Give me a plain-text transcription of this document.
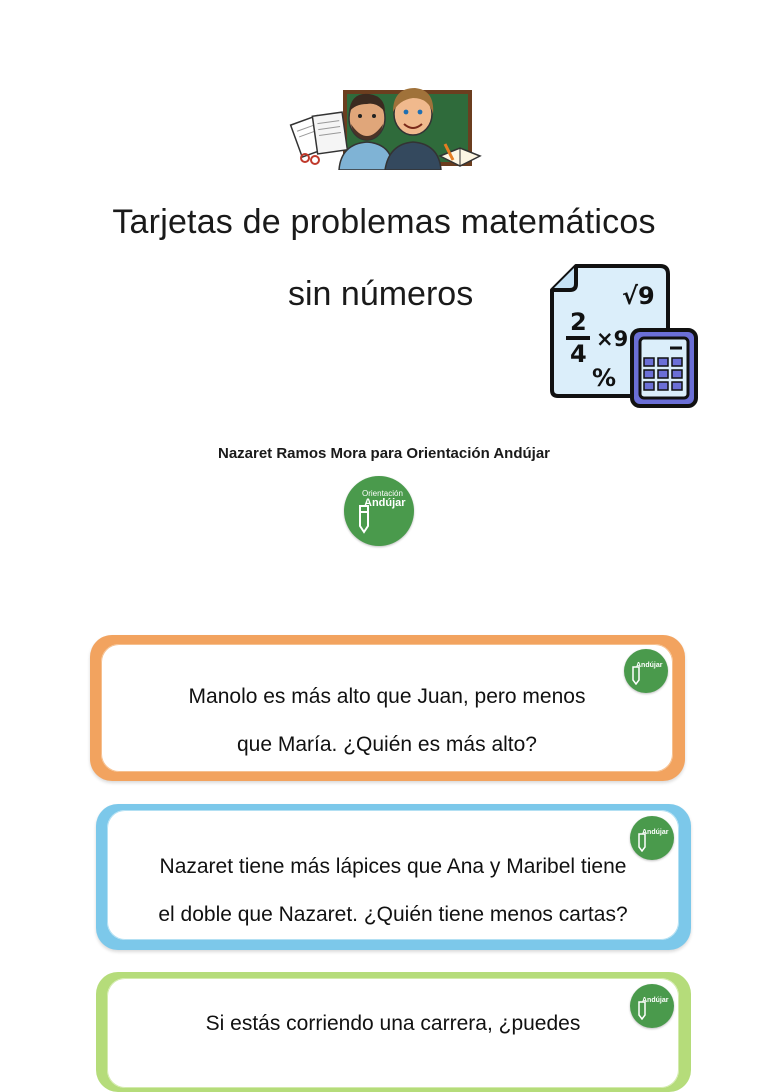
Tarjetas de problemas matemáticos
sin números	√9
2
4
×9
%
Nazaret Ramos Mora para Orientación Andújar
Orientación
Andújar
Manolo es más alto que Juan, pero menos
que María. ¿Quién es más alto?
Andújar
Nazaret tiene más lápices que Ana y Maribel tiene
el doble que Nazaret. ¿Quién tiene menos cartas?
Andújar
Si estás corriendo una carrera, ¿puedes
Andújar
